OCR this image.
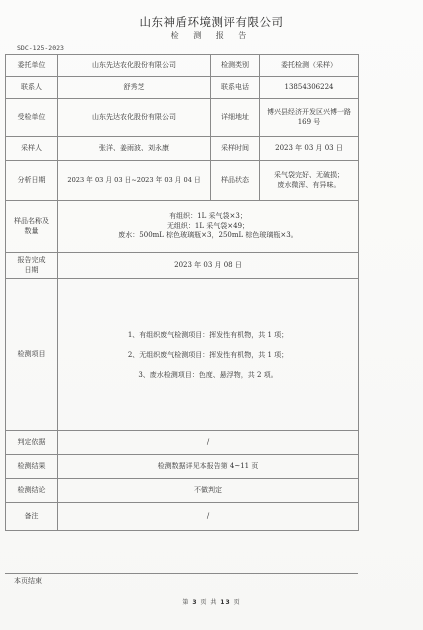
山东神盾环境测评有限公司
检 测 报 告
SDC-125-2023
委托单位	山东先达农化股份有限公司	检测类别	委托检测（采样）
联系人	舒秀芝	联系电话	13854306224
受检单位	山东先达农化股份有限公司	详细地址	博兴县经济开发区兴博一路
169 号

采样人	张洋、姜雨波、刘永康	采样时间	2023 年 03 月 03 日
分析日期	2023 年 03 月 03 日~2023 年 03 月 04 日	样品状态	采气袋完好、无破损；
废水微浑、有异味。

样品名称及
数量	有组织：1L 采气袋×3；
无组织：1L 采气袋×49；
废水：500mL 棕色玻璃瓶×3，250mL 棕色玻璃瓶×3。		

报告完成
日期	2023 年 03 月 08 日		
检测项目	1、有组织废气检测项目：挥发性有机物，共 1 项；
2、无组织废气检测项目：挥发性有机物，共 1 项；
3、废水检测项目：色度、悬浮物，共 2 项。		

判定依据	/		
检测结果	检测数据详见本报告第 4~11 页		
检测结论	不做判定		
备注	/		
本页结束
第 3 页 共 13 页
